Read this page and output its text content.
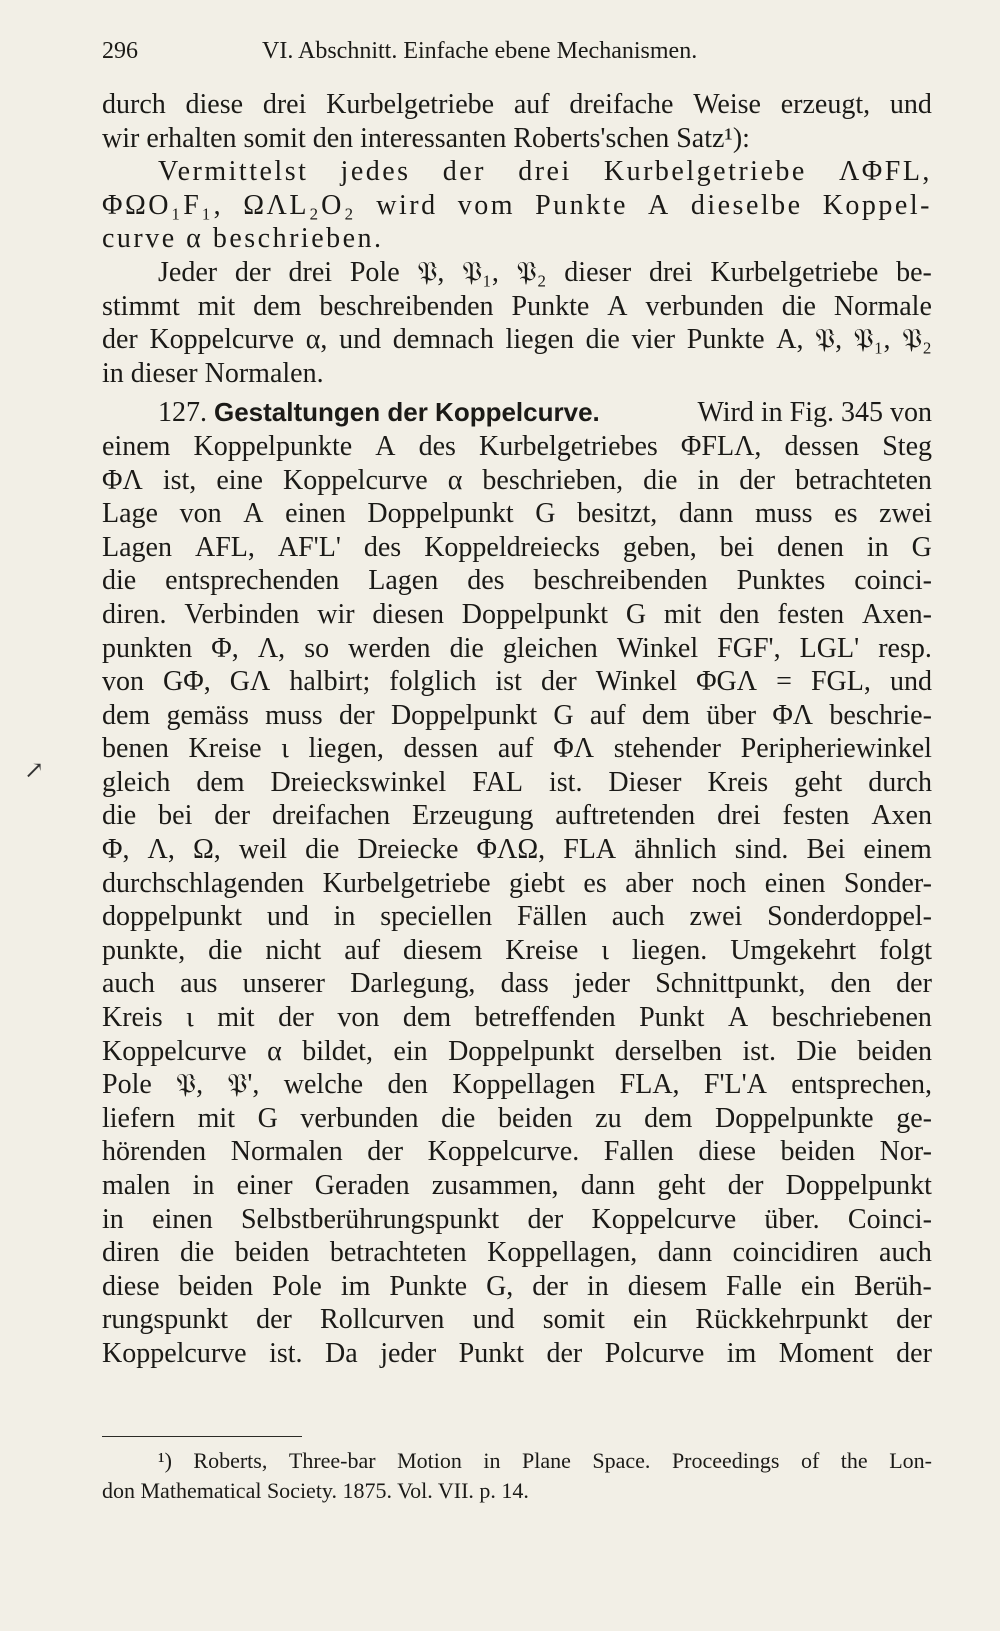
296	VI. Abschnitt. Einfache ebene Mechanismen.
↗
durch diese drei Kurbelgetriebe auf dreifache Weise erzeugt, und
wir erhalten somit den interessanten Roberts'schen Satz¹):
Vermittelst jedes der drei Kurbelgetriebe ΛΦFL,
ΦΩO₁F₁, ΩΛL₂O₂ wird vom Punkte A dieselbe Koppel-
curve α beschrieben.
Jeder der drei Pole 𝔓, 𝔓₁, 𝔓₂ dieser drei Kurbelgetriebe be-
stimmt mit dem beschreibenden Punkte A verbunden die Normale
der Koppelcurve α, und demnach liegen die vier Punkte A, 𝔓, 𝔓₁, 𝔓₂
in dieser Normalen.
127. Gestaltungen der Koppelcurve.	Wird in Fig. 345 von
einem Koppelpunkte A des Kurbelgetriebes ΦFLΛ, dessen Steg
ΦΛ ist, eine Koppelcurve α beschrieben, die in der betrachteten
Lage von A einen Doppelpunkt G besitzt, dann muss es zwei
Lagen AFL, AF'L' des Koppeldreiecks geben, bei denen in G
die entsprechenden Lagen des beschreibenden Punktes coinci-
diren. Verbinden wir diesen Doppelpunkt G mit den festen Axen-
punkten Φ, Λ, so werden die gleichen Winkel FGF', LGL' resp.
von GΦ, GΛ halbirt; folglich ist der Winkel ΦGΛ = FGL, und
dem gemäss muss der Doppelpunkt G auf dem über ΦΛ beschrie-
benen Kreise ι liegen, dessen auf ΦΛ stehender Peripheriewinkel
gleich dem Dreieckswinkel FAL ist. Dieser Kreis geht durch
die bei der dreifachen Erzeugung auftretenden drei festen Axen
Φ, Λ, Ω, weil die Dreiecke ΦΛΩ, FLA ähnlich sind. Bei einem
durchschlagenden Kurbelgetriebe giebt es aber noch einen Sonder-
doppelpunkt und in speciellen Fällen auch zwei Sonderdoppel-
punkte, die nicht auf diesem Kreise ι liegen. Umgekehrt folgt
auch aus unserer Darlegung, dass jeder Schnittpunkt, den der
Kreis ι mit der von dem betreffenden Punkt A beschriebenen
Koppelcurve α bildet, ein Doppelpunkt derselben ist. Die beiden
Pole 𝔓, 𝔓', welche den Koppellagen FLA, F'L'A entsprechen,
liefern mit G verbunden die beiden zu dem Doppelpunkte ge-
hörenden Normalen der Koppelcurve. Fallen diese beiden Nor-
malen in einer Geraden zusammen, dann geht der Doppelpunkt
in einen Selbstberührungspunkt der Koppelcurve über. Coinci-
diren die beiden betrachteten Koppellagen, dann coincidiren auch
diese beiden Pole im Punkte G, der in diesem Falle ein Berüh-
rungspunkt der Rollcurven und somit ein Rückkehrpunkt der
Koppelcurve ist. Da jeder Punkt der Polcurve im Moment der
¹) Roberts, Three-bar Motion in Plane Space. Proceedings of the Lon-
don Mathematical Society. 1875. Vol. VII. p. 14.
